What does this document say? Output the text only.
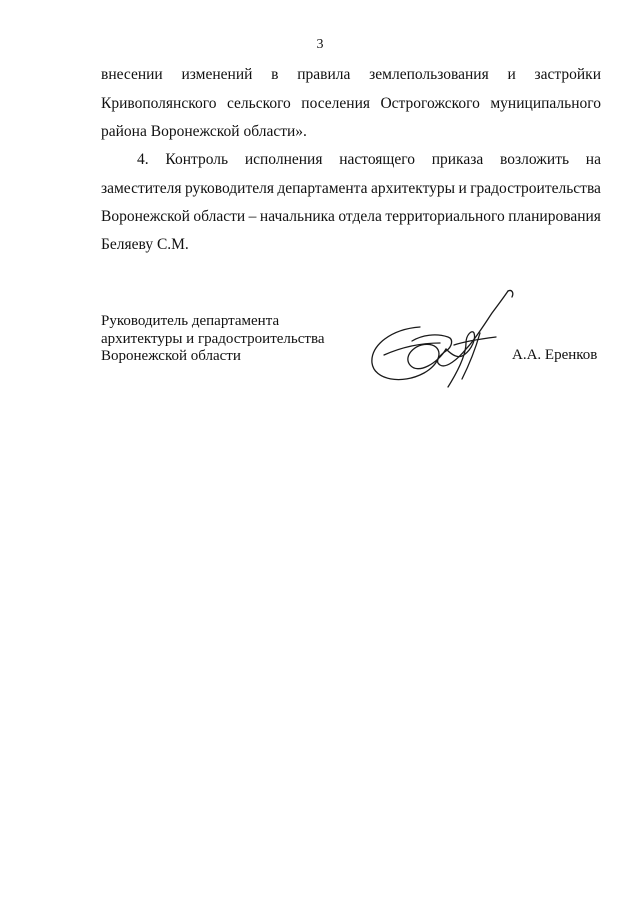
3
внесении изменений в правила землепользования и застройки
Кривополянского сельского поселения Острогожского муниципального
района Воронежской области».
4. Контроль исполнения настоящего приказа возложить на
заместителя руководителя департамента архитектуры и градостроительства
Воронежской области – начальника отдела территориального планирования
Беляеву С.М.
Руководитель департамента
архитектуры и градостроительства
Воронежской области	А.А. Еренков
